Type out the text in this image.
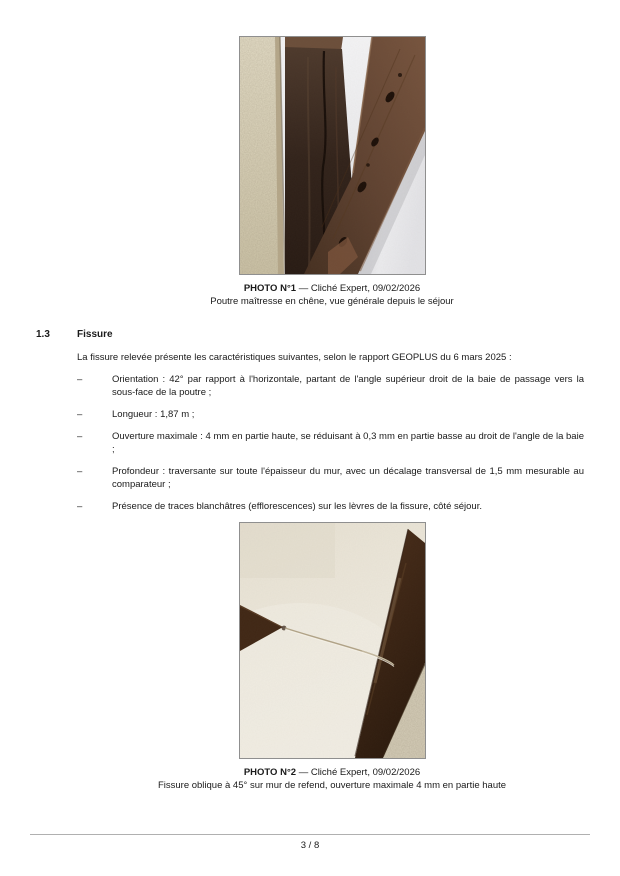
PHOTO N°1 — Cliché Expert, 09/02/2026
Poutre maîtresse en chêne, vue générale depuis le séjour
1.3	Fissure

La fissure relevée présente les caractéristiques suivantes, selon le rapport GEOPLUS du 6 mars 2025 :

–	Orientation : 42° par rapport à l'horizontale, partant de l'angle supérieur droit de la baie de passage vers la sous-face de la poutre ;

–	Longueur : 1,87 m ;

–	Ouverture maximale : 4 mm en partie haute, se réduisant à 0,3 mm en partie basse au droit de l'angle de la baie ;

–	Profondeur : traversante sur toute l'épaisseur du mur, avec un décalage transversal de 1,5 mm mesurable au comparateur ;

–	Présence de traces blanchâtres (efflorescences) sur les lèvres de la fissure, côté séjour.

PHOTO N°2 — Cliché Expert, 09/02/2026
Fissure oblique à 45° sur mur de refend, ouverture maximale 4 mm en partie haute
3 / 8
